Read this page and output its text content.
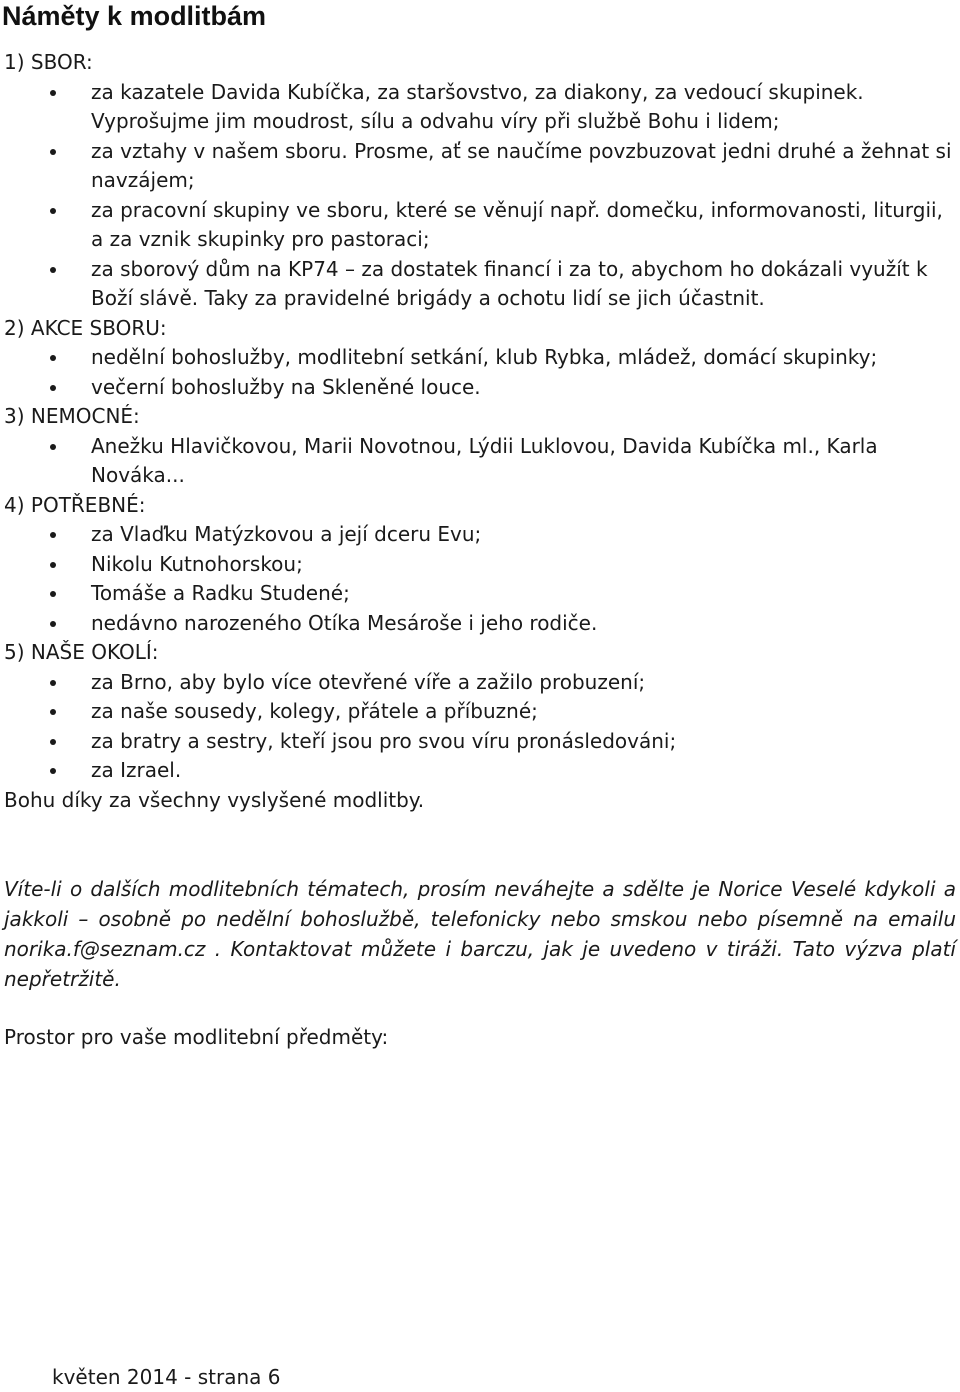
Náměty k modlitbám

1) SBOR:

za kazatele Davida Kubíčka, za staršovstvo, za diakony, za vedoucí skupinek. Vyprošujme jim moudrost, sílu a odvahu víry při službě Bohu i lidem;
za vztahy v našem sboru. Prosme, ať se naučíme povzbuzovat jedni druhé a žehnat si navzájem;
za pracovní skupiny ve sboru, které se věnují např. domečku, informovanosti, liturgii, a za vznik skupinky pro pastoraci;
za sborový dům na KP74 – za dostatek financí i za to, abychom ho dokázali využít k Boží slávě. Taky za pravidelné brigády a ochotu lidí se jich účastnit.

2) AKCE SBORU:

nedělní bohoslužby, modlitební setkání, klub Rybka, mládež, domácí skupinky;
večerní bohoslužby na Skleněné louce.

3) NEMOCNÉ:

Anežku Hlavičkovou, Marii Novotnou, Lýdii Luklovou, Davida Kubíčka ml., Karla Nováka...

4) POTŘEBNÉ:

za Vlaďku Matýzkovou a její dceru Evu;
Nikolu Kutnohorskou;
Tomáše a Radku Studené;
nedávno narozeného Otíka Mesároše i jeho rodiče.

5) NAŠE OKOLÍ:

za Brno, aby bylo více otevřené víře a zažilo probuzení;
za naše sousedy, kolegy, přátele a příbuzné;
za bratry a sestry, kteří jsou pro svou víru pronásledováni;
za Izrael.

Bohu díky za všechny vyslyšené modlitby.

Víte-li o dalších modlitebních tématech, prosím neváhejte a sdělte je Norice Veselé kdykoli a jakkoli – osobně po nedělní bohoslužbě, telefonicky nebo smskou nebo písemně na emailu norika.f@seznam.cz . Kontaktovat můžete i barczu, jak je uvedeno v tiráži. Tato výzva platí nepřetržitě.

Prostor pro vaše modlitební předměty:

květen 2014 - strana 6
